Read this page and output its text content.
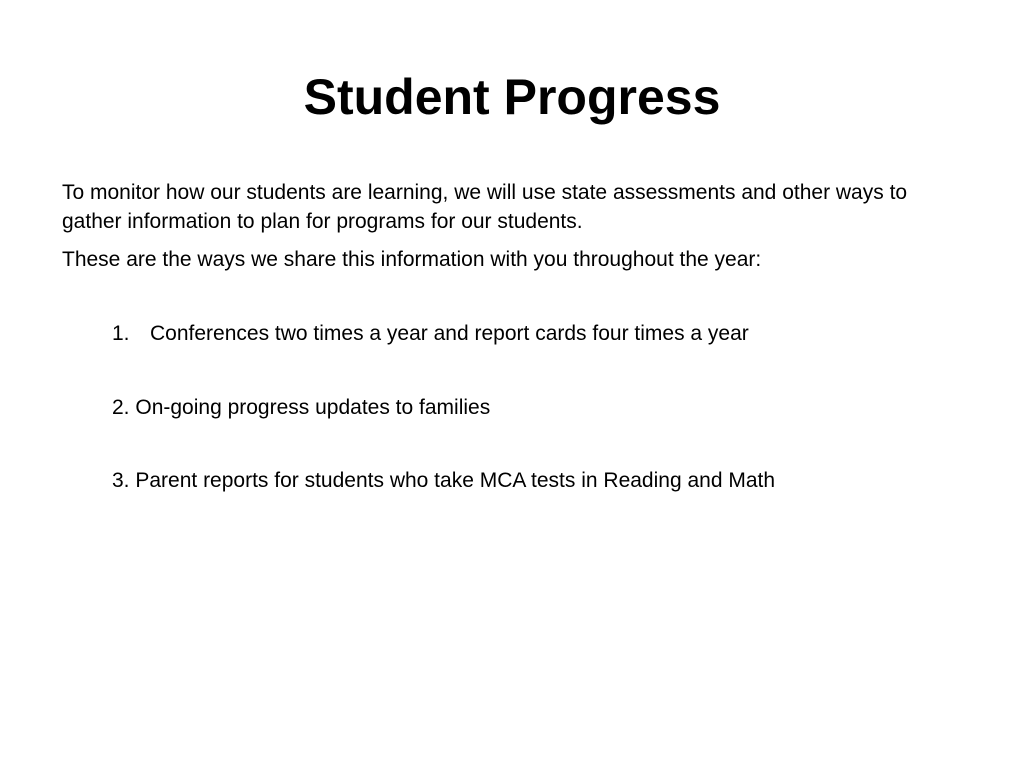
Student Progress
To monitor how our students are learning, we will use state assessments and other ways to gather information to plan for programs for our students.
These are the ways we share this information with you throughout the year:
1. Conferences two times a year and report cards four times a year
2. On-going progress updates to families
3. Parent reports for students who take MCA tests in Reading and Math
